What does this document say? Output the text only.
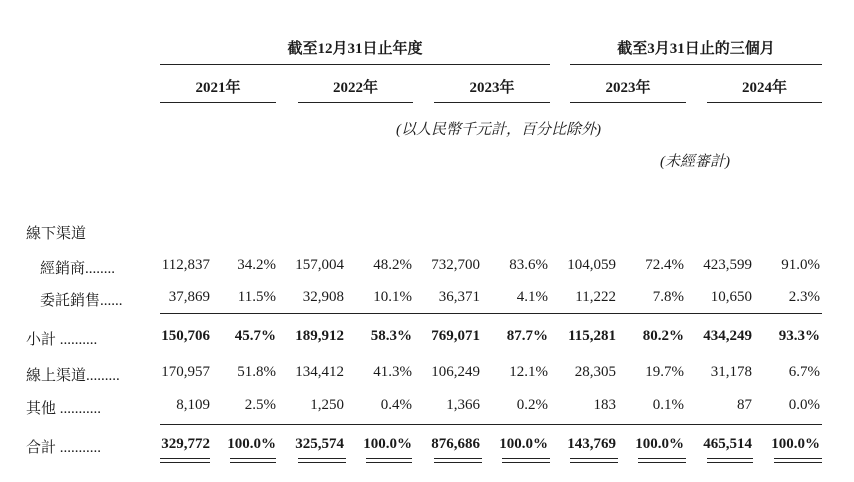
截至12月31日止年度	截至3月31日止的三個月
2021年	2022年	2023年	2023年	2024年
(以人民幣千元計，百分比除外)
(未經審計)
線下渠道
經銷商........	112,837	34.2%	157,004	48.2%	732,700	83.6%	104,059	72.4%	423,599	91.0%
委託銷售......	37,869	11.5%	32,908	10.1%	36,371	4.1%	11,222	7.8%	10,650	2.3%
小計 ..........	150,706	45.7%	189,912	58.3%	769,071	87.7%	115,281	80.2%	434,249	93.3%
線上渠道.........	170,957	51.8%	134,412	41.3%	106,249	12.1%	28,305	19.7%	31,178	6.7%
其他 ...........	8,109	2.5%	1,250	0.4%	1,366	0.2%	183	0.1%	87	0.0%
合計 ...........	329,772	100.0%	325,574	100.0%	876,686	100.0%	143,769	100.0%	465,514	100.0%
